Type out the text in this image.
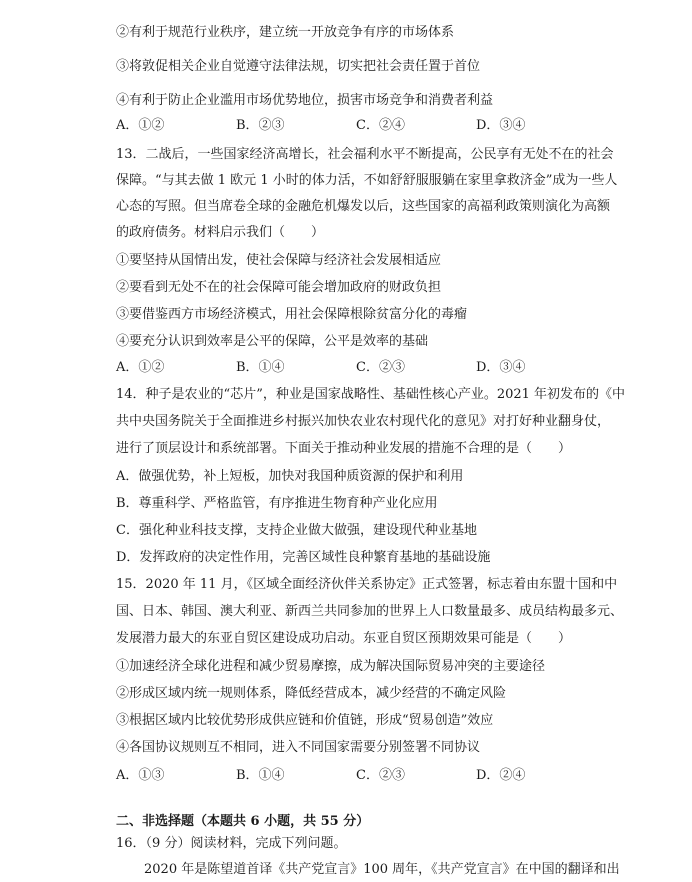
②有利于规范行业秩序，建立统一开放竞争有序的市场体系
③将敦促相关企业自觉遵守法律法规，切实把社会责任置于首位
④有利于防止企业滥用市场优势地位，损害市场竞争和消费者利益
A．①②	B．②③	C．②④	D．③④
13．二战后，一些国家经济高增长，社会福利水平不断提高，公民享有无处不在的社会
保障。“与其去做 1 欧元 1 小时的体力活，不如舒舒服服躺在家里拿救济金”成为一些人
心态的写照。但当席卷全球的金融危机爆发以后，这些国家的高福利政策则演化为高额
的政府债务。材料启示我们（　　）
①要坚持从国情出发，使社会保障与经济社会发展相适应
②要看到无处不在的社会保障可能会增加政府的财政负担
③要借鉴西方市场经济模式，用社会保障根除贫富分化的毒瘤
④要充分认识到效率是公平的保障，公平是效率的基础
A．①②	B．①④	C．②③	D．③④
14．种子是农业的“芯片”，种业是国家战略性、基础性核心产业。2021 年初发布的《中
共中央国务院关于全面推进乡村振兴加快农业农村现代化的意见》对打好种业翻身仗，
进行了顶层设计和系统部署。下面关于推动种业发展的措施不合理的是（　　）
A．做强优势，补上短板，加快对我国种质资源的保护和利用
B．尊重科学、严格监管，有序推进生物育种产业化应用
C．强化种业科技支撑，支持企业做大做强，建设现代种业基地
D．发挥政府的决定性作用，完善区域性良种繁育基地的基础设施
15．2020 年 11 月，《区域全面经济伙伴关系协定》正式签署，标志着由东盟十国和中
国、日本、韩国、澳大利亚、新西兰共同参加的世界上人口数量最多、成员结构最多元、
发展潜力最大的东亚自贸区建设成功启动。东亚自贸区预期效果可能是（　　）
①加速经济全球化进程和减少贸易摩擦，成为解决国际贸易冲突的主要途径
②形成区域内统一规则体系，降低经营成本，减少经营的不确定风险
③根据区域内比较优势形成供应链和价值链，形成“贸易创造”效应
④各国协议规则互不相同，进入不同国家需要分别签署不同协议
A．①③	B．①④	C．②③	D．②④
二、非选择题（本题共 6 小题，共 55 分）
16．（9 分）阅读材料，完成下列问题。
2020 年是陈望道首译《共产党宣言》100 周年，《共产党宣言》在中国的翻译和出
